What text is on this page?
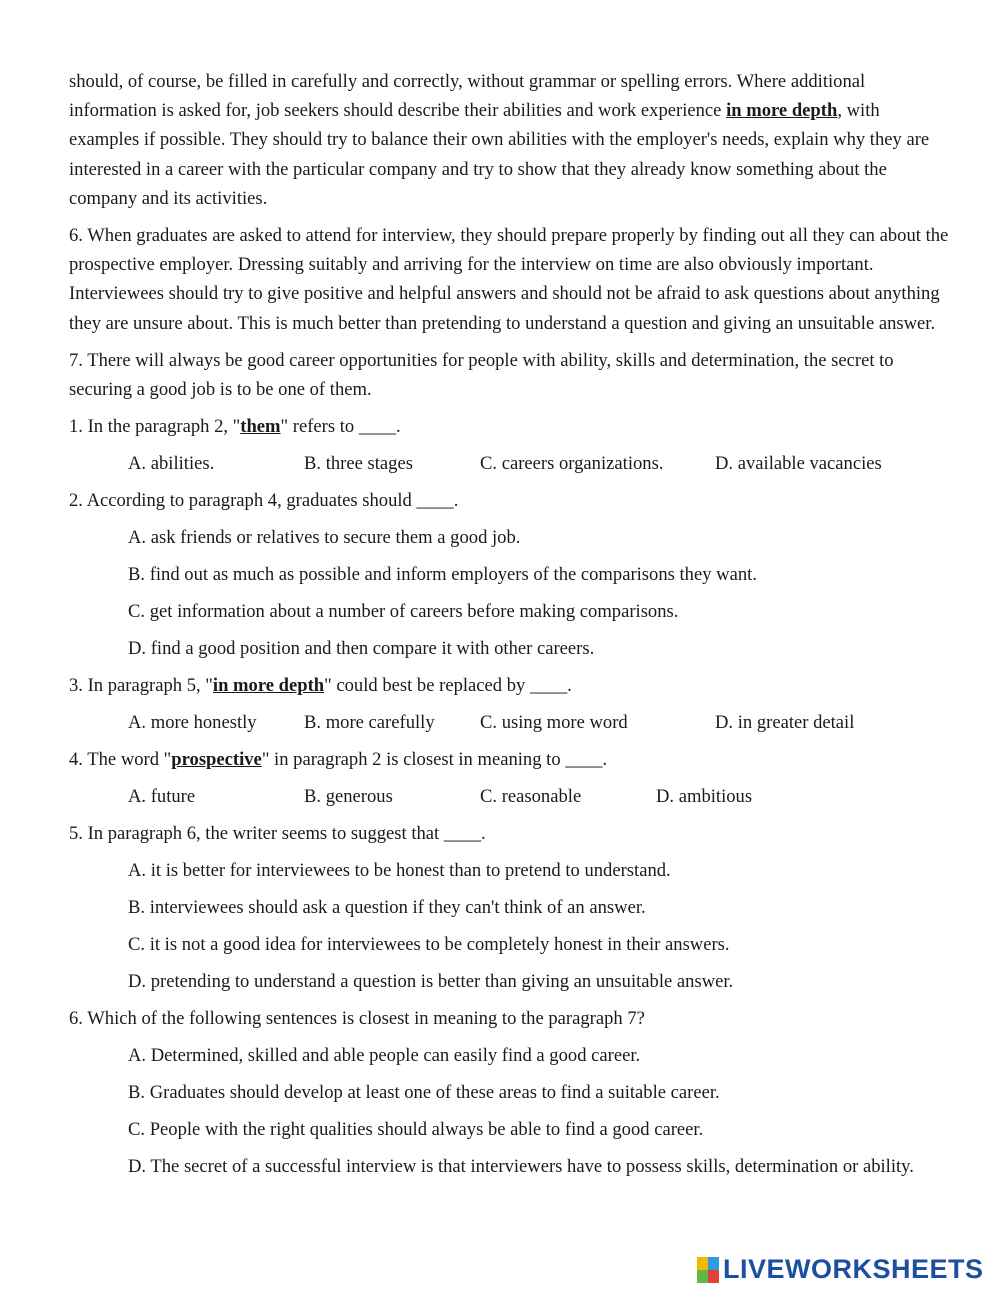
should, of course, be filled in carefully and correctly, without grammar or spelling errors. Where additional information is asked for, job seekers should describe their abilities and work experience in more depth, with examples if possible. They should try to balance their own abilities with the employer's needs, explain why they are interested in a career with the particular company and try to show that they already know something about the company and its activities.

6. When graduates are asked to attend for interview, they should prepare properly by finding out all they can about the prospective employer. Dressing suitably and arriving for the interview on time are also obviously important. Interviewees should try to give positive and helpful answers and should not be afraid to ask questions about anything they are unsure about. This is much better than pretending to understand a question and giving an unsuitable answer.

7. There will always be good career opportunities for people with ability, skills and determination, the secret to securing a good job is to be one of them.

1. In the paragraph 2, "them" refers to ____.

A. abilities.	B. three stages	C. careers organizations.	D. available vacancies

2. According to paragraph 4, graduates should ____.

A. ask friends or relatives to secure them a good job.

B. find out as much as possible and inform employers of the comparisons they want.

C. get information about a number of careers before making comparisons.

D. find a good position and then compare it with other careers.

3. In paragraph 5, "in more depth" could best be replaced by ____.

A. more honestly	B. more carefully	C. using more word	D. in greater detail

4. The word "prospective" in paragraph 2 is closest in meaning to ____.

A. future	B. generous	C. reasonable	D. ambitious

5. In paragraph 6, the writer seems to suggest that ____.

A. it is better for interviewees to be honest than to pretend to understand.

B. interviewees should ask a question if they can't think of an answer.

C. it is not a good idea for interviewees to be completely honest in their answers.

D. pretending to understand a question is better than giving an unsuitable answer.

6. Which of the following sentences is closest in meaning to the paragraph 7?

A. Determined, skilled and able people can easily find a good career.

B. Graduates should develop at least one of these areas to find a suitable career.

C. People with the right qualities should always be able to find a good career.

D. The secret of a successful interview is that interviewers have to possess skills, determination or ability.

LIVEWORKSHEETS
